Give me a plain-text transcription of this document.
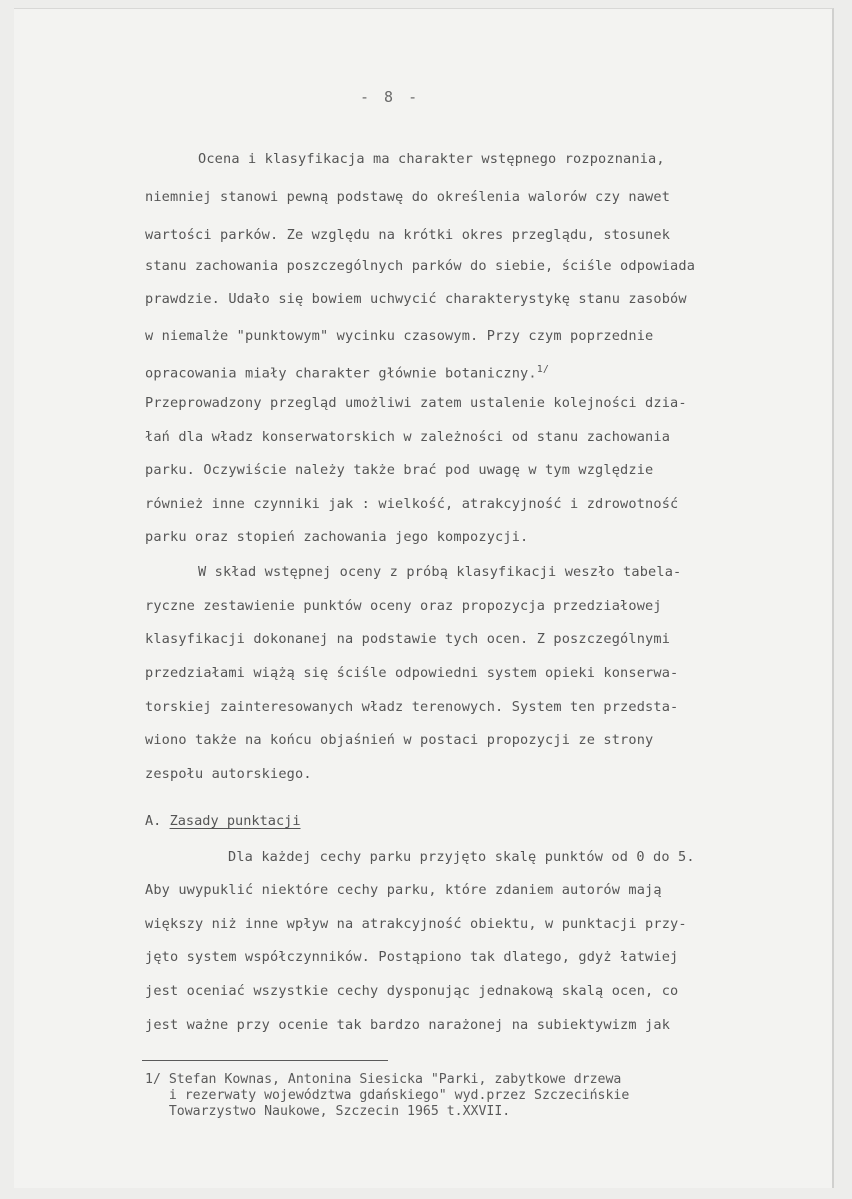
- 8 -
Ocena i klasyfikacja ma charakter wstępnego rozpoznania,
niemniej stanowi pewną podstawę do określenia walorów czy nawet
wartości parków. Ze względu na krótki okres przeglądu, stosunek
stanu zachowania poszczególnych parków do siebie, ściśle odpowiada
prawdzie. Udało się bowiem uchwycić charakterystykę stanu zasobów
w niemalże "punktowym" wycinku czasowym. Przy czym poprzednie
opracowania miały charakter głównie botaniczny.$^{1/}$
Przeprowadzony przegląd umożliwi zatem ustalenie kolejności dzia-
łań dla władz konserwatorskich w zależności od stanu zachowania
parku. Oczywiście należy także brać pod uwagę w tym względzie
również inne czynniki jak : wielkość, atrakcyjność i zdrowotność
parku oraz stopień zachowania jego kompozycji.
W skład wstępnej oceny z próbą klasyfikacji weszło tabela-
ryczne zestawienie punktów oceny oraz propozycja przedziałowej
klasyfikacji dokonanej na podstawie tych ocen. Z poszczególnymi
przedziałami wiążą się ściśle odpowiedni system opieki konserwa-
torskiej zainteresowanych władz terenowych. System ten przedsta-
wiono także na końcu objaśnień w postaci propozycji ze strony
zespołu autorskiego.
A. Zasady punktacji
Dla każdej cechy parku przyjęto skalę punktów od 0 do 5.
Aby uwypuklić niektóre cechy parku, które zdaniem autorów mają
większy niż inne wpływ na atrakcyjność obiektu, w punktacji przy-
jęto system współczynników. Postąpiono tak dlatego, gdyż łatwiej
jest oceniać wszystkie cechy dysponując jednakową skalą ocen, co
jest ważne przy ocenie tak bardzo narażonej na subiektywizm jak
1/ Stefan Kownas, Antonina Siesicka "Parki, zabytkowe drzewa
i rezerwaty województwa gdańskiego" wyd.przez Szczecińskie
Towarzystwo Naukowe, Szczecin 1965 t.XXVII.
